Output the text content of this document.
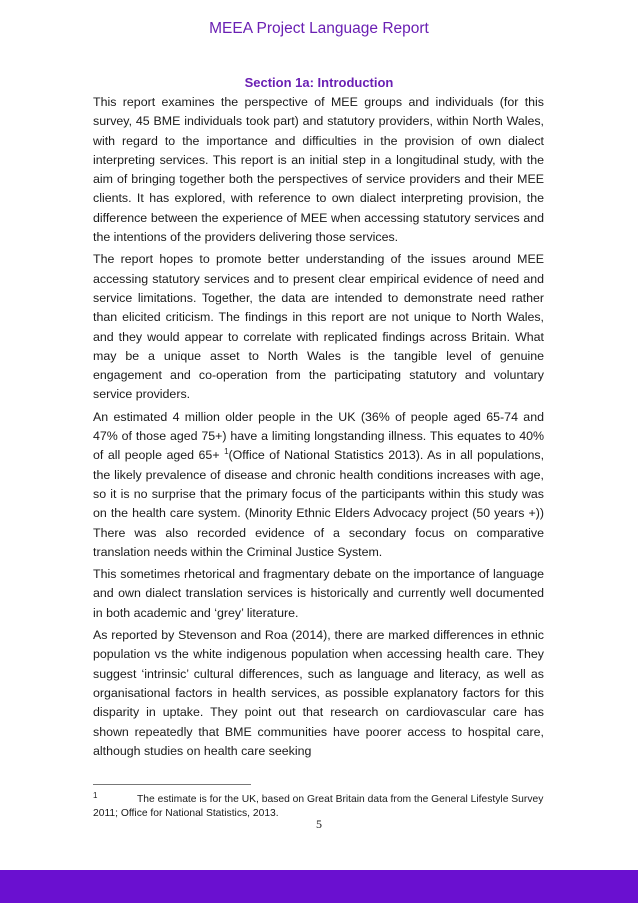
MEEA Project Language Report
Section 1a: Introduction

This report examines the perspective of MEE groups and individuals (for this survey, 45 BME individuals took part) and statutory providers, within North Wales, with regard to the importance and difficulties in the provision of own dialect interpreting services. This report is an initial step in a longitudinal study, with the aim of bringing together both the perspectives of service providers and their MEE clients. It has explored, with reference to own dialect interpreting provision, the difference between the experience of MEE when accessing statutory services and the intentions of the providers delivering those services.

The report hopes to promote better understanding of the issues around MEE accessing statutory services and to present clear empirical evidence of need and service limitations. Together, the data are intended to demonstrate need rather than elicited criticism. The findings in this report are not unique to North Wales, and they would appear to correlate with replicated findings across Britain. What may be a unique asset to North Wales is the tangible level of genuine engagement and co-operation from the participating statutory and voluntary service providers.

An estimated 4 million older people in the UK (36% of people aged 65-74 and 47% of those aged 75+) have a limiting longstanding illness. This equates to 40% of all people aged 65+ $^1$(Office of National Statistics 2013). As in all populations, the likely prevalence of disease and chronic health conditions increases with age, so it is no surprise that the primary focus of the participants within this study was on the health care system. (Minority Ethnic Elders Advocacy project (50 years +)) There was also recorded evidence of a secondary focus on comparative translation needs within the Criminal Justice System.

This sometimes rhetorical and fragmentary debate on the importance of language and own dialect translation services is historically and currently well documented in both academic and ‘grey’ literature.

As reported by Stevenson and Roa (2014), there are marked differences in ethnic population vs the white indigenous population when accessing health care. They suggest ‘intrinsic’ cultural differences, such as language and literacy, as well as organisational factors in health services, as possible explanatory factors for this disparity in uptake. They point out that research on cardiovascular care has shown repeatedly that BME communities have poorer access to hospital care, although studies on health care seeking

1	The estimate is for the UK, based on Great Britain data from the General Lifestyle Survey 2011; Office for National Statistics, 2013.
5
